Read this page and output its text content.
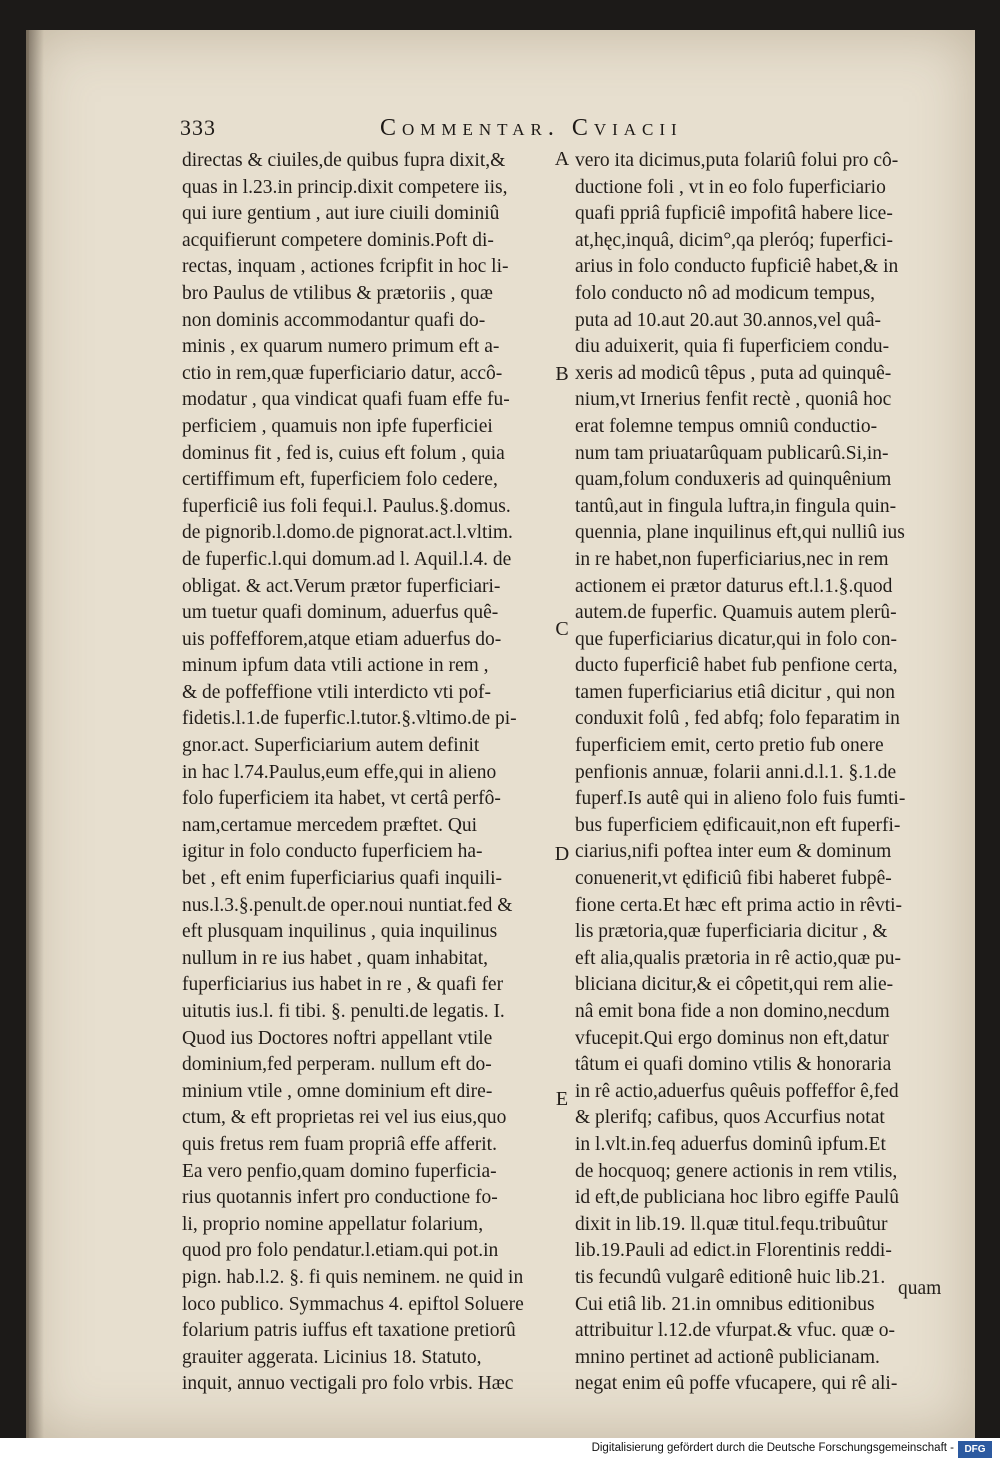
333	Commentar. Cviacii
directas & ciuiles,de quibus fupra dixit,&
quas in l.23.in princip.dixit competere iis,
qui iure gentium , aut iure ciuili dominiû
acquifierunt competere dominis.Poft di-
rectas, inquam , actiones fcripfit in hoc li-
bro Paulus de vtilibus & prætoriis , quæ
non dominis accommodantur quafi do-
minis , ex quarum numero primum eft a-
ctio in rem,quæ fuperficiario datur, accô-
modatur , qua vindicat quafi fuam effe fu-
perficiem , quamuis non ipfe fuperficiei
dominus fit , fed is, cuius eft folum , quia
certiffimum eft, fuperficiem folo cedere,
fuperficiê ius foli fequi.l. Paulus.§.domus.
de pignorib.l.domo.de pignorat.act.l.vltim.
de fuperfic.l.qui domum.ad l. Aquil.l.4. de
obligat. & act.Verum prætor fuperficiari-
um tuetur quafi dominum, aduerfus quê-
uis poffefforem,atque etiam aduerfus do-
minum ipfum data vtili actione in rem ,
& de poffeffione vtili interdicto vti pof-
fidetis.l.1.de fuperfic.l.tutor.§.vltimo.de pi-
gnor.act. Superficiarium autem definit
in hac l.74.Paulus,eum effe,qui in alieno
folo fuperficiem ita habet, vt certâ perfô-
nam,certamue mercedem præftet. Qui
igitur in folo conducto fuperficiem ha-
bet , eft enim fuperficiarius quafi inquili-
nus.l.3.§.penult.de oper.noui nuntiat.fed &
eft plusquam inquilinus , quia inquilinus
nullum in re ius habet , quam inhabitat,
fuperficiarius ius habet in re , & quafi fer
uitutis ius.l. fi tibi. §. penulti.de legatis. I.
Quod ius Doctores noftri appellant vtile
dominium,fed perperam. nullum eft do-
minium vtile , omne dominium eft dire-
ctum, & eft proprietas rei vel ius eius,quo
quis fretus rem fuam propriâ effe afferit.
Ea vero penfio,quam domino fuperficia-
rius quotannis infert pro conductione fo-
li, proprio nomine appellatur folarium,
quod pro folo pendatur.l.etiam.qui pot.in
pign. hab.l.2. §. fi quis neminem. ne quid in
loco publico. Symmachus 4. epiftol Soluere
folarium patris iuffus eft taxatione pretiorû
grauiter aggerata. Licinius 18. Statuto,
inquit, annuo vectigali pro folo vrbis. Hæc
A
B
C
D
E
vero ita dicimus,puta folariû folui pro cô-
ductione foli , vt in eo folo fuperficiario
quafi ppriâ fupficiê impofitâ habere lice-
at,hęc,inquâ, dicim°,qa pleróq; fuperfici-
arius in folo conducto fupficiê habet,& in
folo conducto nô ad modicum tempus,
puta ad 10.aut 20.aut 30.annos,vel quâ-
diu aduixerit, quia fi fuperficiem condu-
xeris ad modicû têpus , puta ad quinquê-
nium,vt Irnerius fenfit rectè , quoniâ hoc
erat folemne tempus omniû conductio-
num tam priuatarûquam publicarû.Si,in-
quam,folum conduxeris ad quinquênium
tantû,aut in fingula luftra,in fingula quin-
quennia, plane inquilinus eft,qui nulliû ius
in re habet,non fuperficiarius,nec in rem
actionem ei prætor daturus eft.l.1.§.quod
autem.de fuperfic. Quamuis autem plerû-
que fuperficiarius dicatur,qui in folo con-
ducto fuperficiê habet fub penfione certa,
tamen fuperficiarius etiâ dicitur , qui non
conduxit folû , fed abfq; folo feparatim in
fuperficiem emit, certo pretio fub onere
penfionis annuæ, folarii anni.d.l.1. §.1.de
fuperf.Is autê qui in alieno folo fuis fumti-
bus fuperficiem ędificauit,non eft fuperfi-
ciarius,nifi poftea inter eum & dominum
conuenerit,vt ędificiû fibi haberet fubpê-
fione certa.Et hæc eft prima actio in rêvti-
lis prætoria,quæ fuperficiaria dicitur , &
eft alia,qualis prætoria in rê actio,quæ pu-
bliciana dicitur,& ei côpetit,qui rem alie-
nâ emit bona fide a non domino,necdum
vfucepit.Qui ergo dominus non eft,datur
tâtum ei quafi domino vtilis & honoraria
in rê actio,aduerfus quêuis poffeffor ê,fed
& plerifq; cafibus, quos Accurfius notat
in l.vlt.in.feq aduerfus dominû ipfum.Et
de hocquoq; genere actionis in rem vtilis,
id eft,de publiciana hoc libro egiffe Paulû
dixit in lib.19. ll.quæ titul.fequ.tribuûtur
lib.19.Pauli ad edict.in Florentinis reddi-
tis fecundû vulgarê editionê huic lib.21.
Cui etiâ lib. 21.in omnibus editionibus
attribuitur l.12.de vfurpat.& vfuc. quæ o-
mnino pertinet ad actionê publicianam.
negat enim eû poffe vfucapere, qui rê ali-
quam
Digitalisierung gefördert durch die Deutsche Forschungsgemeinschaft -	DFG
